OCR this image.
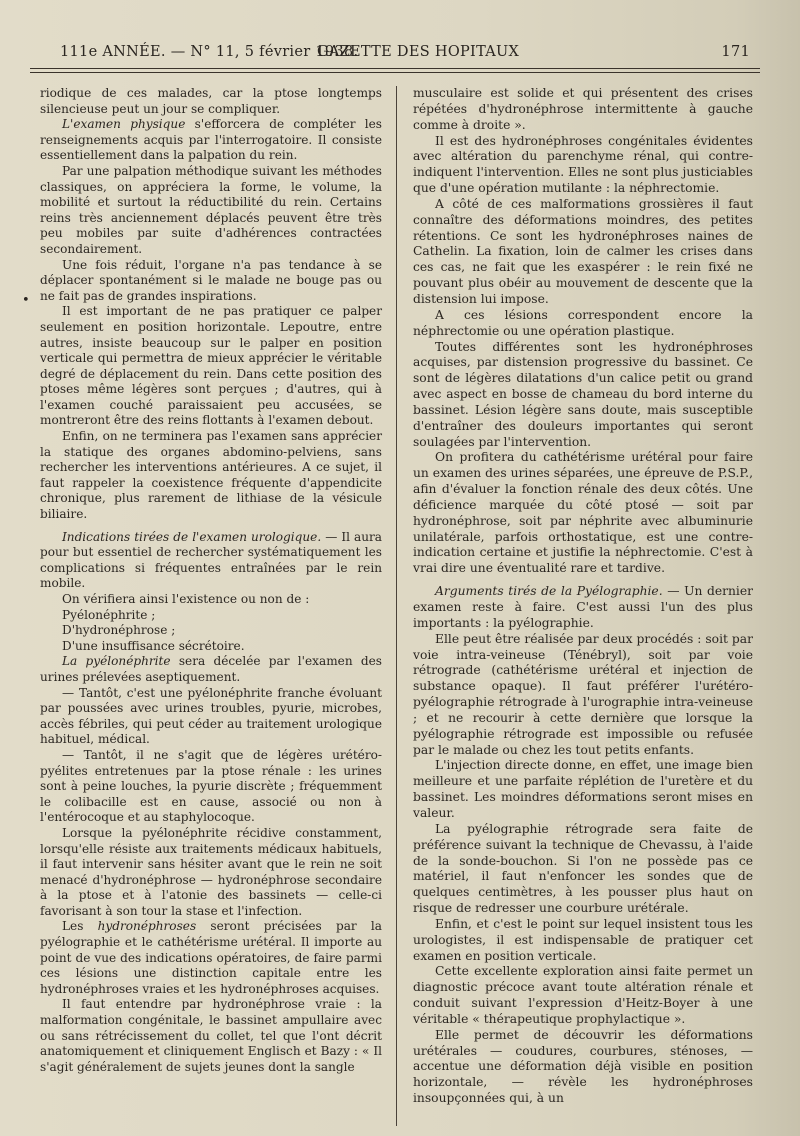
111e ANNÉE. — N° 11, 5 février 1938.
GAZETTE DES HOPITAUX	171
•

riodique de ces malades, car la ptose longtemps silencieuse peut un jour se compliquer.

L'examen physique s'efforcera de compléter les renseignements acquis par l'interrogatoire. Il consiste essentiellement dans la palpation du rein.

Par une palpation méthodique suivant les méthodes classiques, on appréciera la forme, le volume, la mobilité et surtout la réductibilité du rein. Certains reins très anciennement déplacés peuvent être très peu mobiles par suite d'adhérences contractées secondairement.

Une fois réduit, l'organe n'a pas tendance à se déplacer spontanément si le malade ne bouge pas ou ne fait pas de grandes inspirations.

Il est important de ne pas pratiquer ce palper seulement en position horizontale. Lepoutre, entre autres, insiste beaucoup sur le palper en position verticale qui permettra de mieux apprécier le véritable degré de déplacement du rein. Dans cette position des ptoses même légères sont perçues ; d'autres, qui à l'examen couché paraissaient peu accusées, se montreront être des reins flottants à l'examen debout.

Enfin, on ne terminera pas l'examen sans apprécier la statique des organes abdomino-pelviens, sans rechercher les interventions antérieures. A ce sujet, il faut rappeler la coexistence fréquente d'appendicite chronique, plus rarement de lithiase de la vésicule biliaire.

Indications tirées de l'examen urologique. — Il aura pour but essentiel de rechercher systématiquement les complications si fréquentes entraînées par le rein mobile.

On vérifiera ainsi l'existence ou non de :

Pyélonéphrite ;

D'hydronéphrose ;

D'une insuffisance sécrétoire.

La pyélonéphrite sera décelée par l'examen des urines prélevées aseptiquement.

— Tantôt, c'est une pyélonéphrite franche évoluant par poussées avec urines troubles, pyurie, microbes, accès fébriles, qui peut céder au traitement urologique habituel, médical.

— Tantôt, il ne s'agit que de légères urétéro-pyélites entretenues par la ptose rénale : les urines sont à peine louches, la pyurie discrète ; fréquemment le colibacille est en cause, associé ou non à l'entérocoque et au staphylocoque.

Lorsque la pyélonéphrite récidive constamment, lorsqu'elle résiste aux traitements médicaux habituels, il faut intervenir sans hésiter avant que le rein ne soit menacé d'hydronéphrose — hydronéphrose secondaire à la ptose et à l'atonie des bassinets — celle-ci favorisant à son tour la stase et l'infection.

Les hydronéphroses seront précisées par la pyélographie et le cathétérisme urétéral. Il importe au point de vue des indications opératoires, de faire parmi ces lésions une distinction capitale entre les hydronéphroses vraies et les hydronéphroses acquises.

Il faut entendre par hydronéphrose vraie : la malformation congénitale, le bassinet ampullaire avec ou sans rétrécissement du collet, tel que l'ont décrit anatomiquement et cliniquement Englisch et Bazy : « Il s'agit généralement de sujets jeunes dont la sangle

musculaire est solide et qui présentent des crises répétées d'hydronéphrose intermittente à gauche comme à droite ».

Il est des hydronéphroses congénitales évidentes avec altération du parenchyme rénal, qui contre-indiquent l'intervention. Elles ne sont plus justiciables que d'une opération mutilante : la néphrectomie.

A côté de ces malformations grossières il faut connaître des déformations moindres, des petites rétentions. Ce sont les hydronéphroses naines de Cathelin. La fixation, loin de calmer les crises dans ces cas, ne fait que les exaspérer : le rein fixé ne pouvant plus obéir au mouvement de descente que la distension lui impose.

A ces lésions correspondent encore la néphrectomie ou une opération plastique.

Toutes différentes sont les hydronéphroses acquises, par distension progressive du bassinet. Ce sont de légères dilatations d'un calice petit ou grand avec aspect en bosse de chameau du bord interne du bassinet. Lésion légère sans doute, mais susceptible d'entraîner des douleurs importantes qui seront soulagées par l'intervention.

On profitera du cathétérisme urétéral pour faire un examen des urines séparées, une épreuve de P.S.P., afin d'évaluer la fonction rénale des deux côtés. Une déficience marquée du côté ptosé — soit par hydronéphrose, soit par néphrite avec albuminurie unilatérale, parfois orthostatique, est une contre-indication certaine et justifie la néphrectomie. C'est à vrai dire une éventualité rare et tardive.

Arguments tirés de la Pyélographie. — Un dernier examen reste à faire. C'est aussi l'un des plus importants : la pyélographie.

Elle peut être réalisée par deux procédés : soit par voie intra-veineuse (Ténébryl), soit par voie rétrograde (cathétérisme urétéral et injection de substance opaque). Il faut préférer l'urétéro-pyélographie rétrograde à l'urographie intra-veineuse ; et ne recourir à cette dernière que lorsque la pyélographie rétrograde est impossible ou refusée par le malade ou chez les tout petits enfants.

L'injection directe donne, en effet, une image bien meilleure et une parfaite réplétion de l'uretère et du bassinet. Les moindres déformations seront mises en valeur.

La pyélographie rétrograde sera faite de préférence suivant la technique de Chevassu, à l'aide de la sonde-bouchon. Si l'on ne possède pas ce matériel, il faut n'enfoncer les sondes que de quelques centimètres, à les pousser plus haut on risque de redresser une courbure urétérale.

Enfin, et c'est le point sur lequel insistent tous les urologistes, il est indispensable de pratiquer cet examen en position verticale.

Cette excellente exploration ainsi faite permet un diagnostic précoce avant toute altération rénale et conduit suivant l'expression d'Heitz-Boyer à une véritable « thérapeutique prophylactique ».

Elle permet de découvrir les déformations urétérales — coudures, courbures, sténoses, — accentue une déformation déjà visible en position horizontale, — révèle les hydronéphroses insoupçonnées qui, à un
